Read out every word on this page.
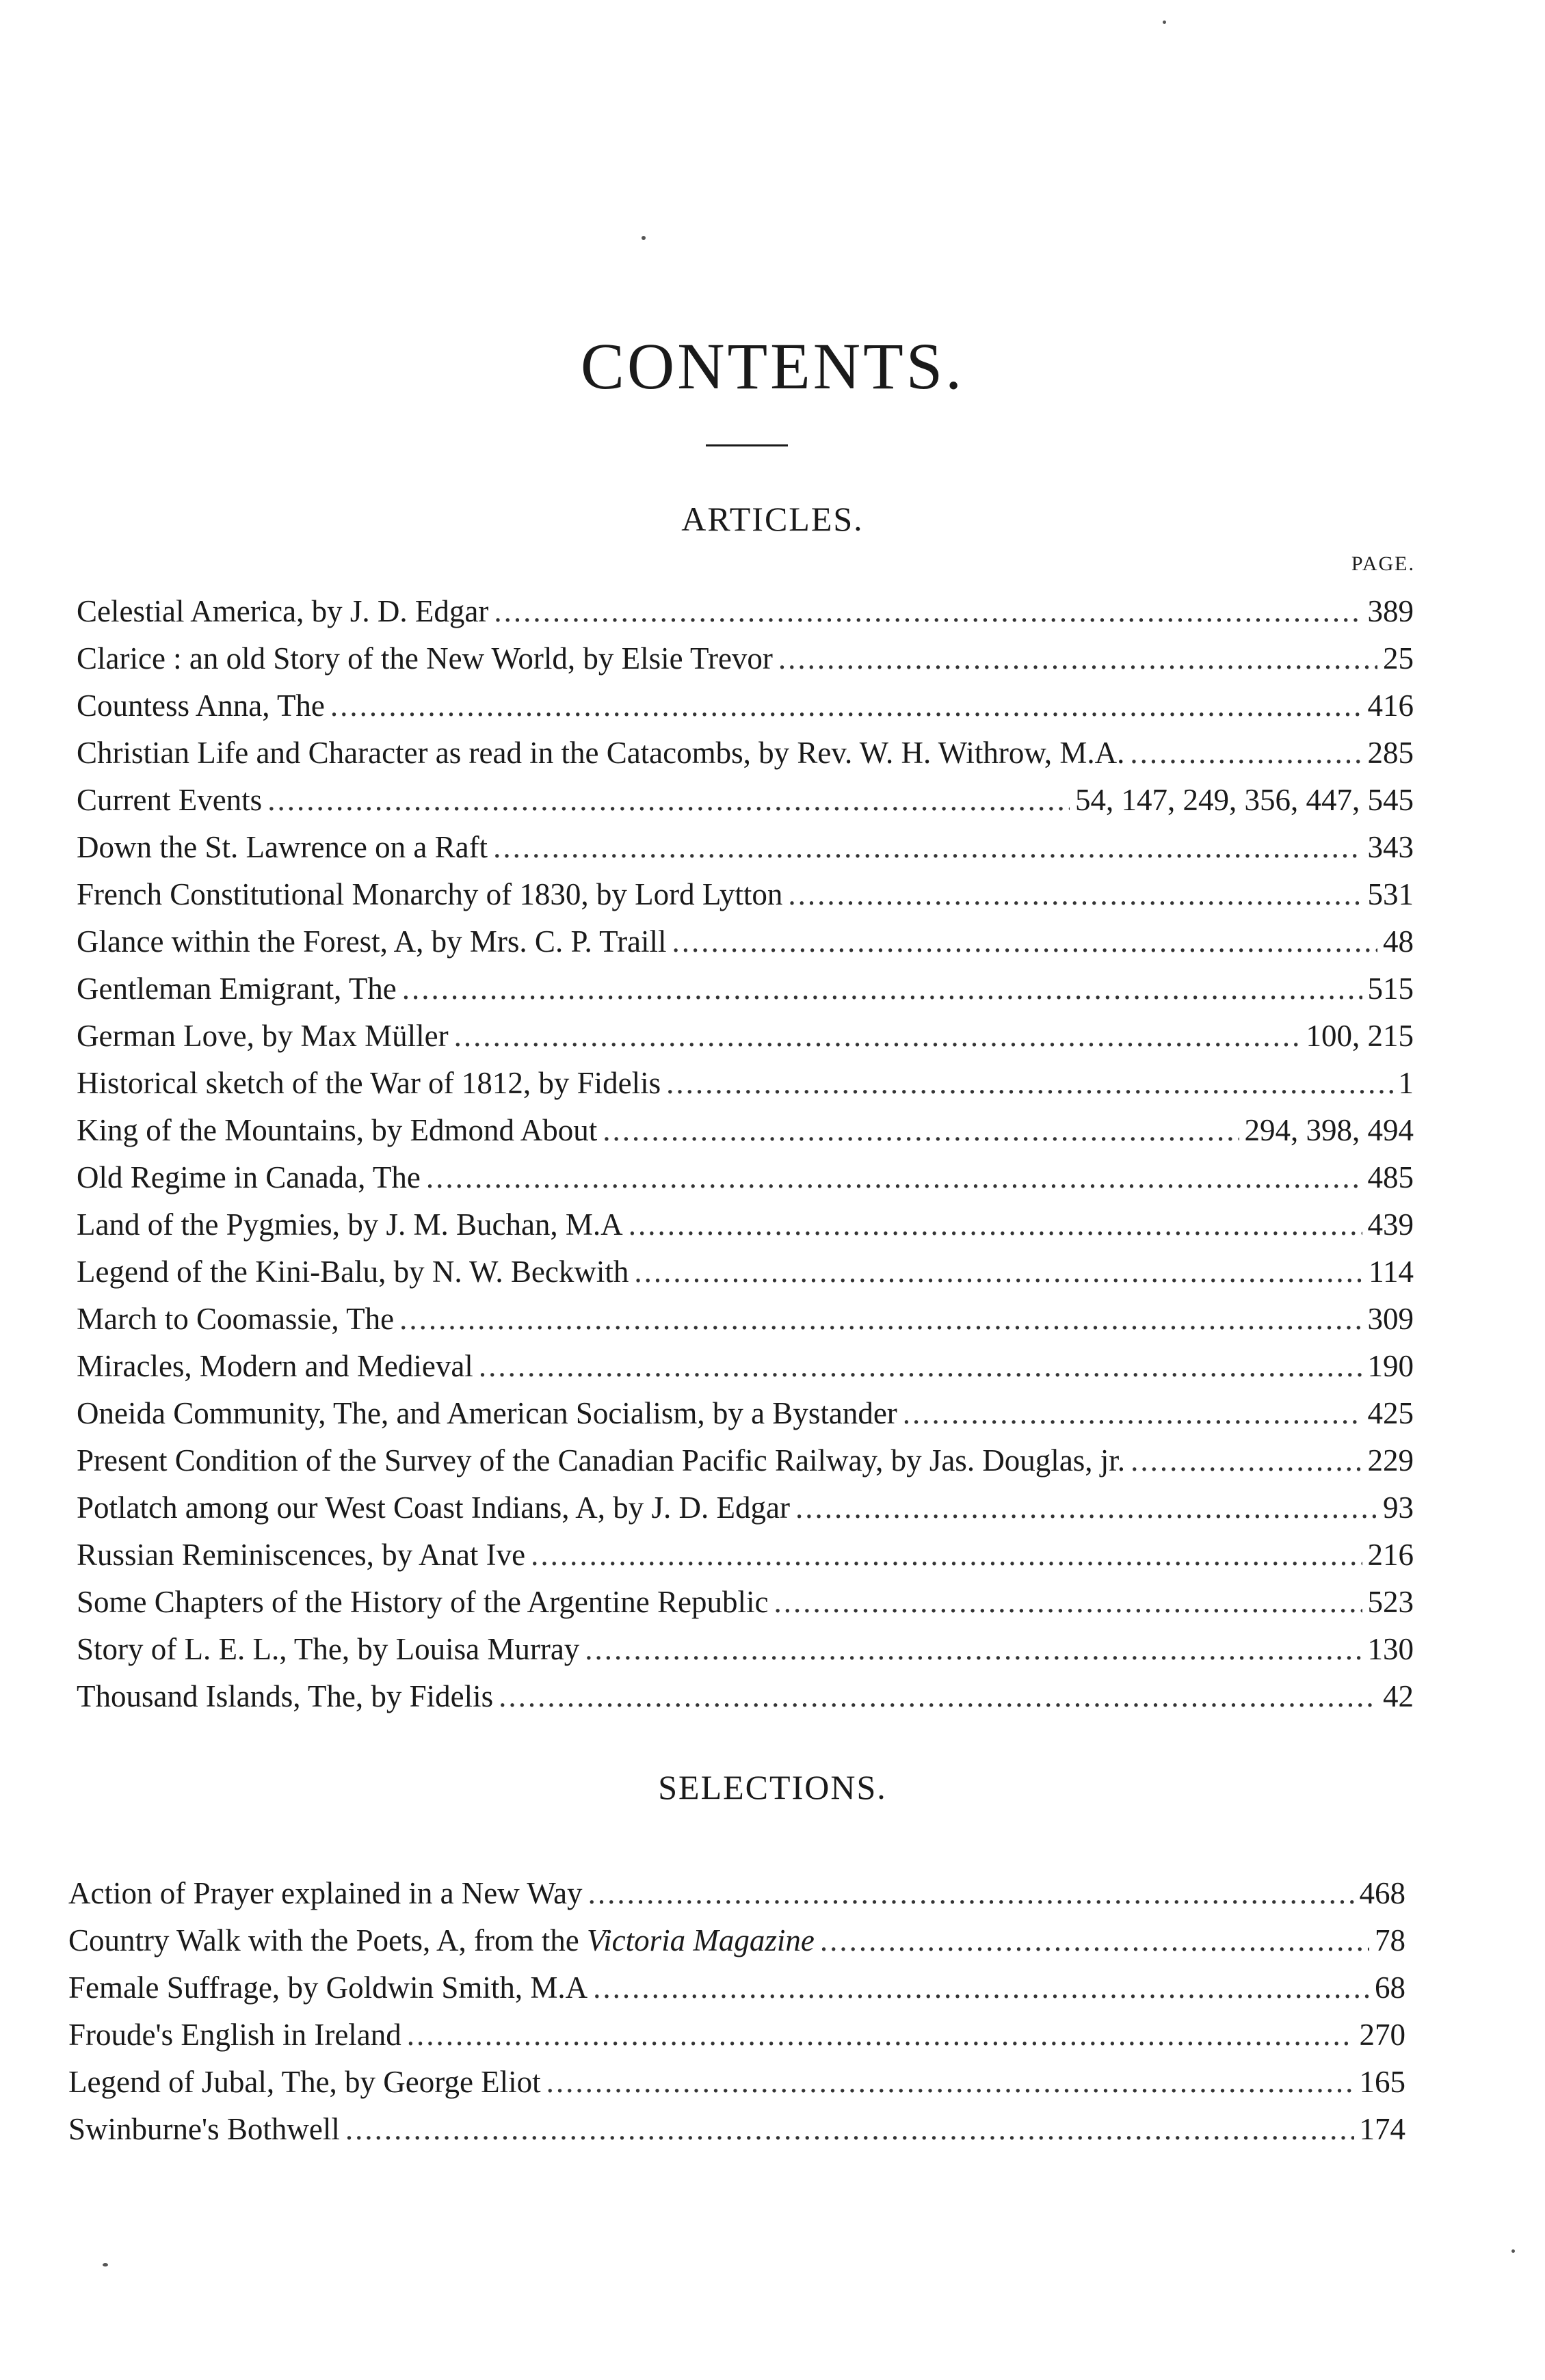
CONTENTS.
ARTICLES.
PAGE.
Celestial America, by J. D. Edgar .....	389
Clarice : an old Story of the New World, by Elsie Trevor .....	25
Countess Anna, The .....	416
Christian Life and Character as read in the Catacombs, by Rev. W. H. Withrow, M.A. .....	285
Current Events .....	54, 147, 249, 356, 447, 545
Down the St. Lawrence on a Raft .....	343
French Constitutional Monarchy of 1830, by Lord Lytton .....	531
Glance within the Forest, A, by Mrs. C. P. Traill .....	48
Gentleman Emigrant, The .....	515
German Love, by Max Müller .....	100, 215
Historical sketch of the War of 1812, by Fidelis .....	1
King of the Mountains, by Edmond About .....	294, 398, 494
Old Regime in Canada, The .....	485
Land of the Pygmies, by J. M. Buchan, M.A .....	439
Legend of the Kini-Balu, by N. W. Beckwith .....	114
March to Coomassie, The .....	309
Miracles, Modern and Medieval .....	190
Oneida Community, The, and American Socialism, by a Bystander .....	425
Present Condition of the Survey of the Canadian Pacific Railway, by Jas. Douglas, jr. .....	229
Potlatch among our West Coast Indians, A, by J. D. Edgar .....	93
Russian Reminiscences, by Anat Ive .....	216
Some Chapters of the History of the Argentine Republic .....	523
Story of L. E. L., The, by Louisa Murray .....	130
Thousand Islands, The, by Fidelis .....	42
SELECTIONS.
Action of Prayer explained in a New Way .....	468
Country Walk with the Poets, A, from the Victoria Magazine .....	78
Female Suffrage, by Goldwin Smith, M.A .....	68
Froude's English in Ireland .....	270
Legend of Jubal, The, by George Eliot .....	165
Swinburne's Bothwell .....	174
